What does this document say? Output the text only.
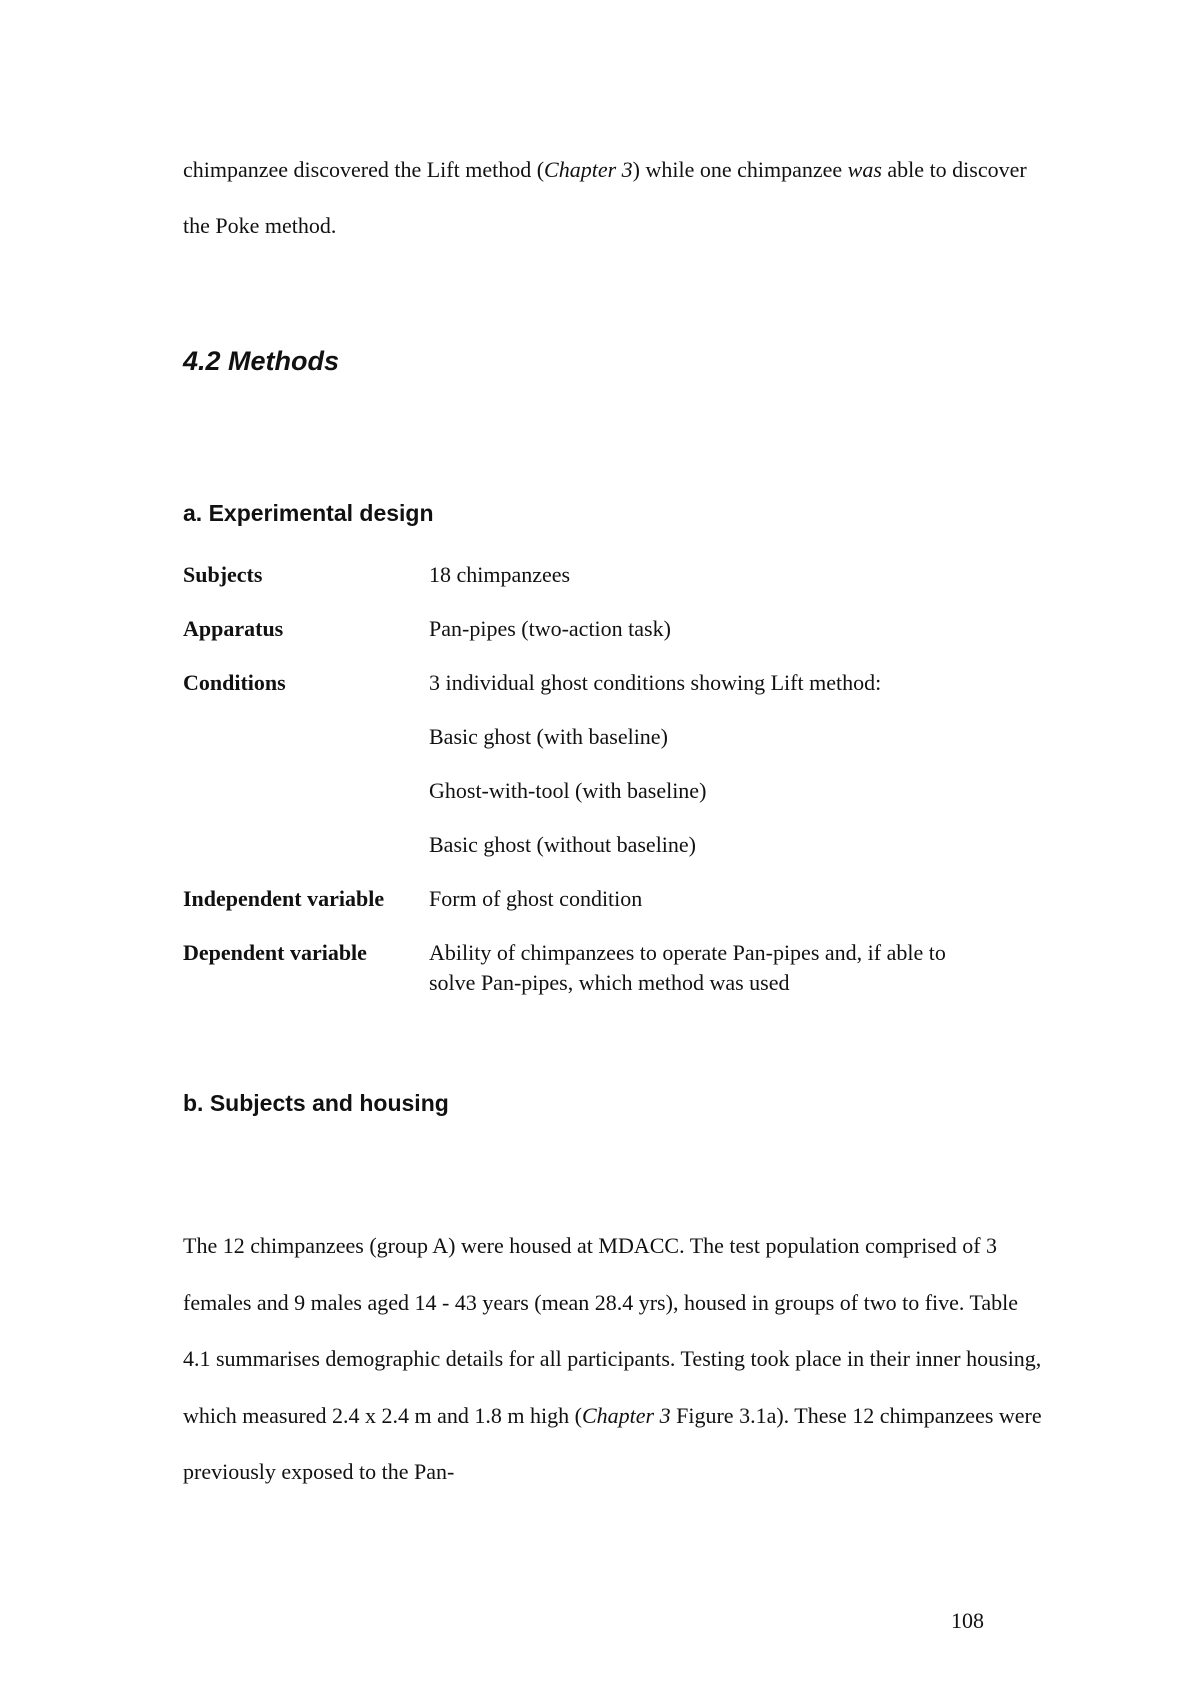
chimpanzee discovered the Lift method (Chapter 3) while one chimpanzee was able to discover the Poke method.

4.2 Methods
a. Experimental design
Subjects	18 chimpanzees
Apparatus	Pan-pipes (two-action task)
Conditions	3 individual ghost conditions showing Lift method:
	Basic ghost (with baseline)
	Ghost-with-tool (with baseline)
	Basic ghost (without baseline)
Independent variable	Form of ghost condition
Dependent variable	Ability of chimpanzees to operate Pan-pipes and, if able to solve Pan-pipes, which method was used
b. Subjects and housing

The 12 chimpanzees (group A) were housed at MDACC. The test population comprised of 3 females and 9 males aged 14 - 43 years (mean 28.4 yrs), housed in groups of two to five. Table 4.1 summarises demographic details for all participants. Testing took place in their inner housing, which measured 2.4 x 2.4 m and 1.8 m high (Chapter 3 Figure 3.1a). These 12 chimpanzees were previously exposed to the Pan-

108
